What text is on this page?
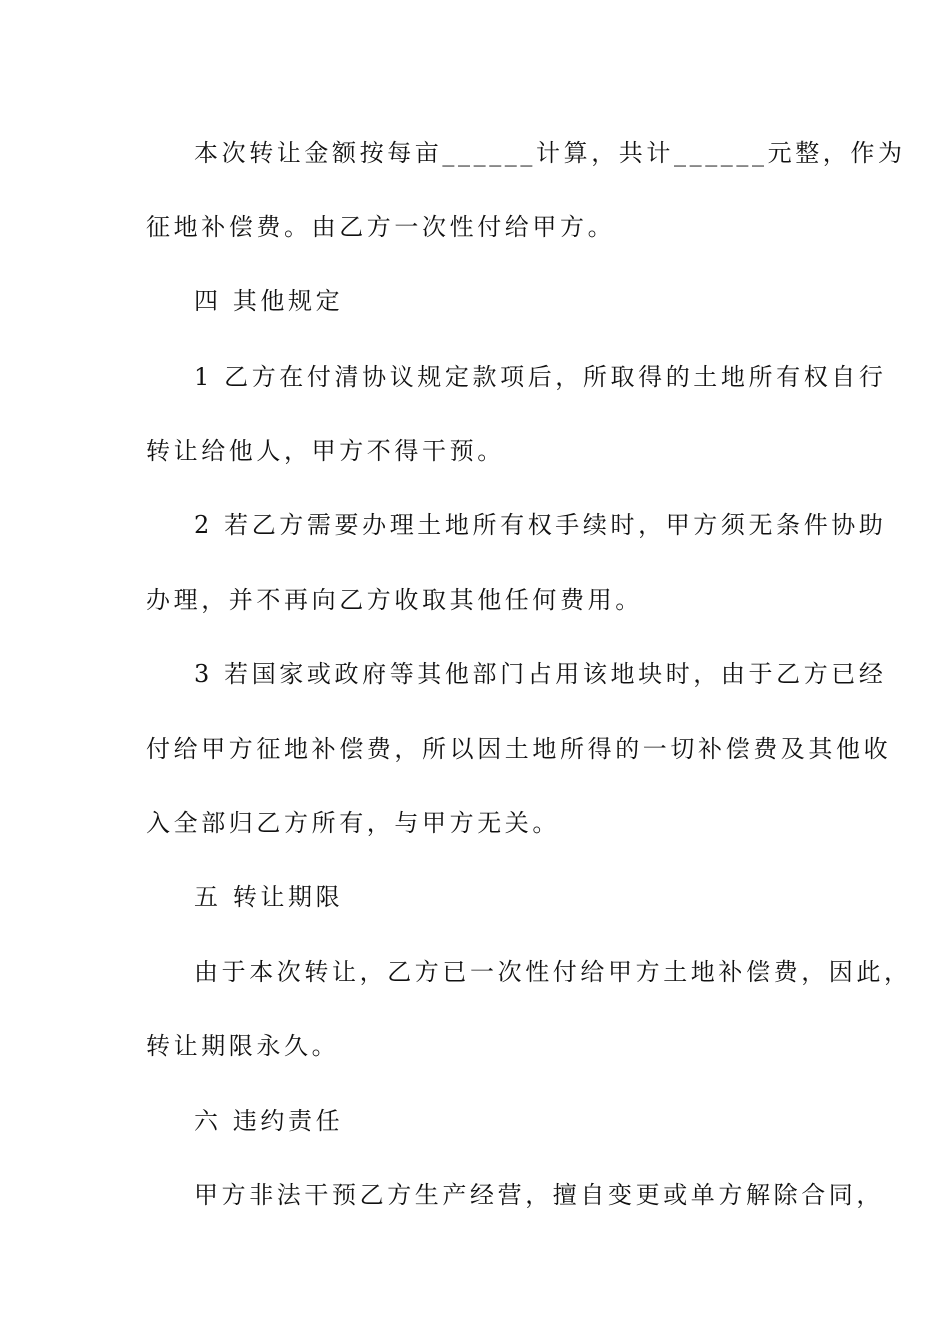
本次转让金额按每亩______计算，共计______元整，作为
征地补偿费。由乙方一次性付给甲方。
四 其他规定
1 乙方在付清协议规定款项后，所取得的土地所有权自行
转让给他人，甲方不得干预。
2 若乙方需要办理土地所有权手续时，甲方须无条件协助
办理，并不再向乙方收取其他任何费用。
3 若国家或政府等其他部门占用该地块时，由于乙方已经
付给甲方征地补偿费，所以因土地所得的一切补偿费及其他收
入全部归乙方所有，与甲方无关。
五 转让期限
由于本次转让，乙方已一次性付给甲方土地补偿费，因此，
转让期限永久。
六 违约责任
甲方非法干预乙方生产经营，擅自变更或单方解除合同，
